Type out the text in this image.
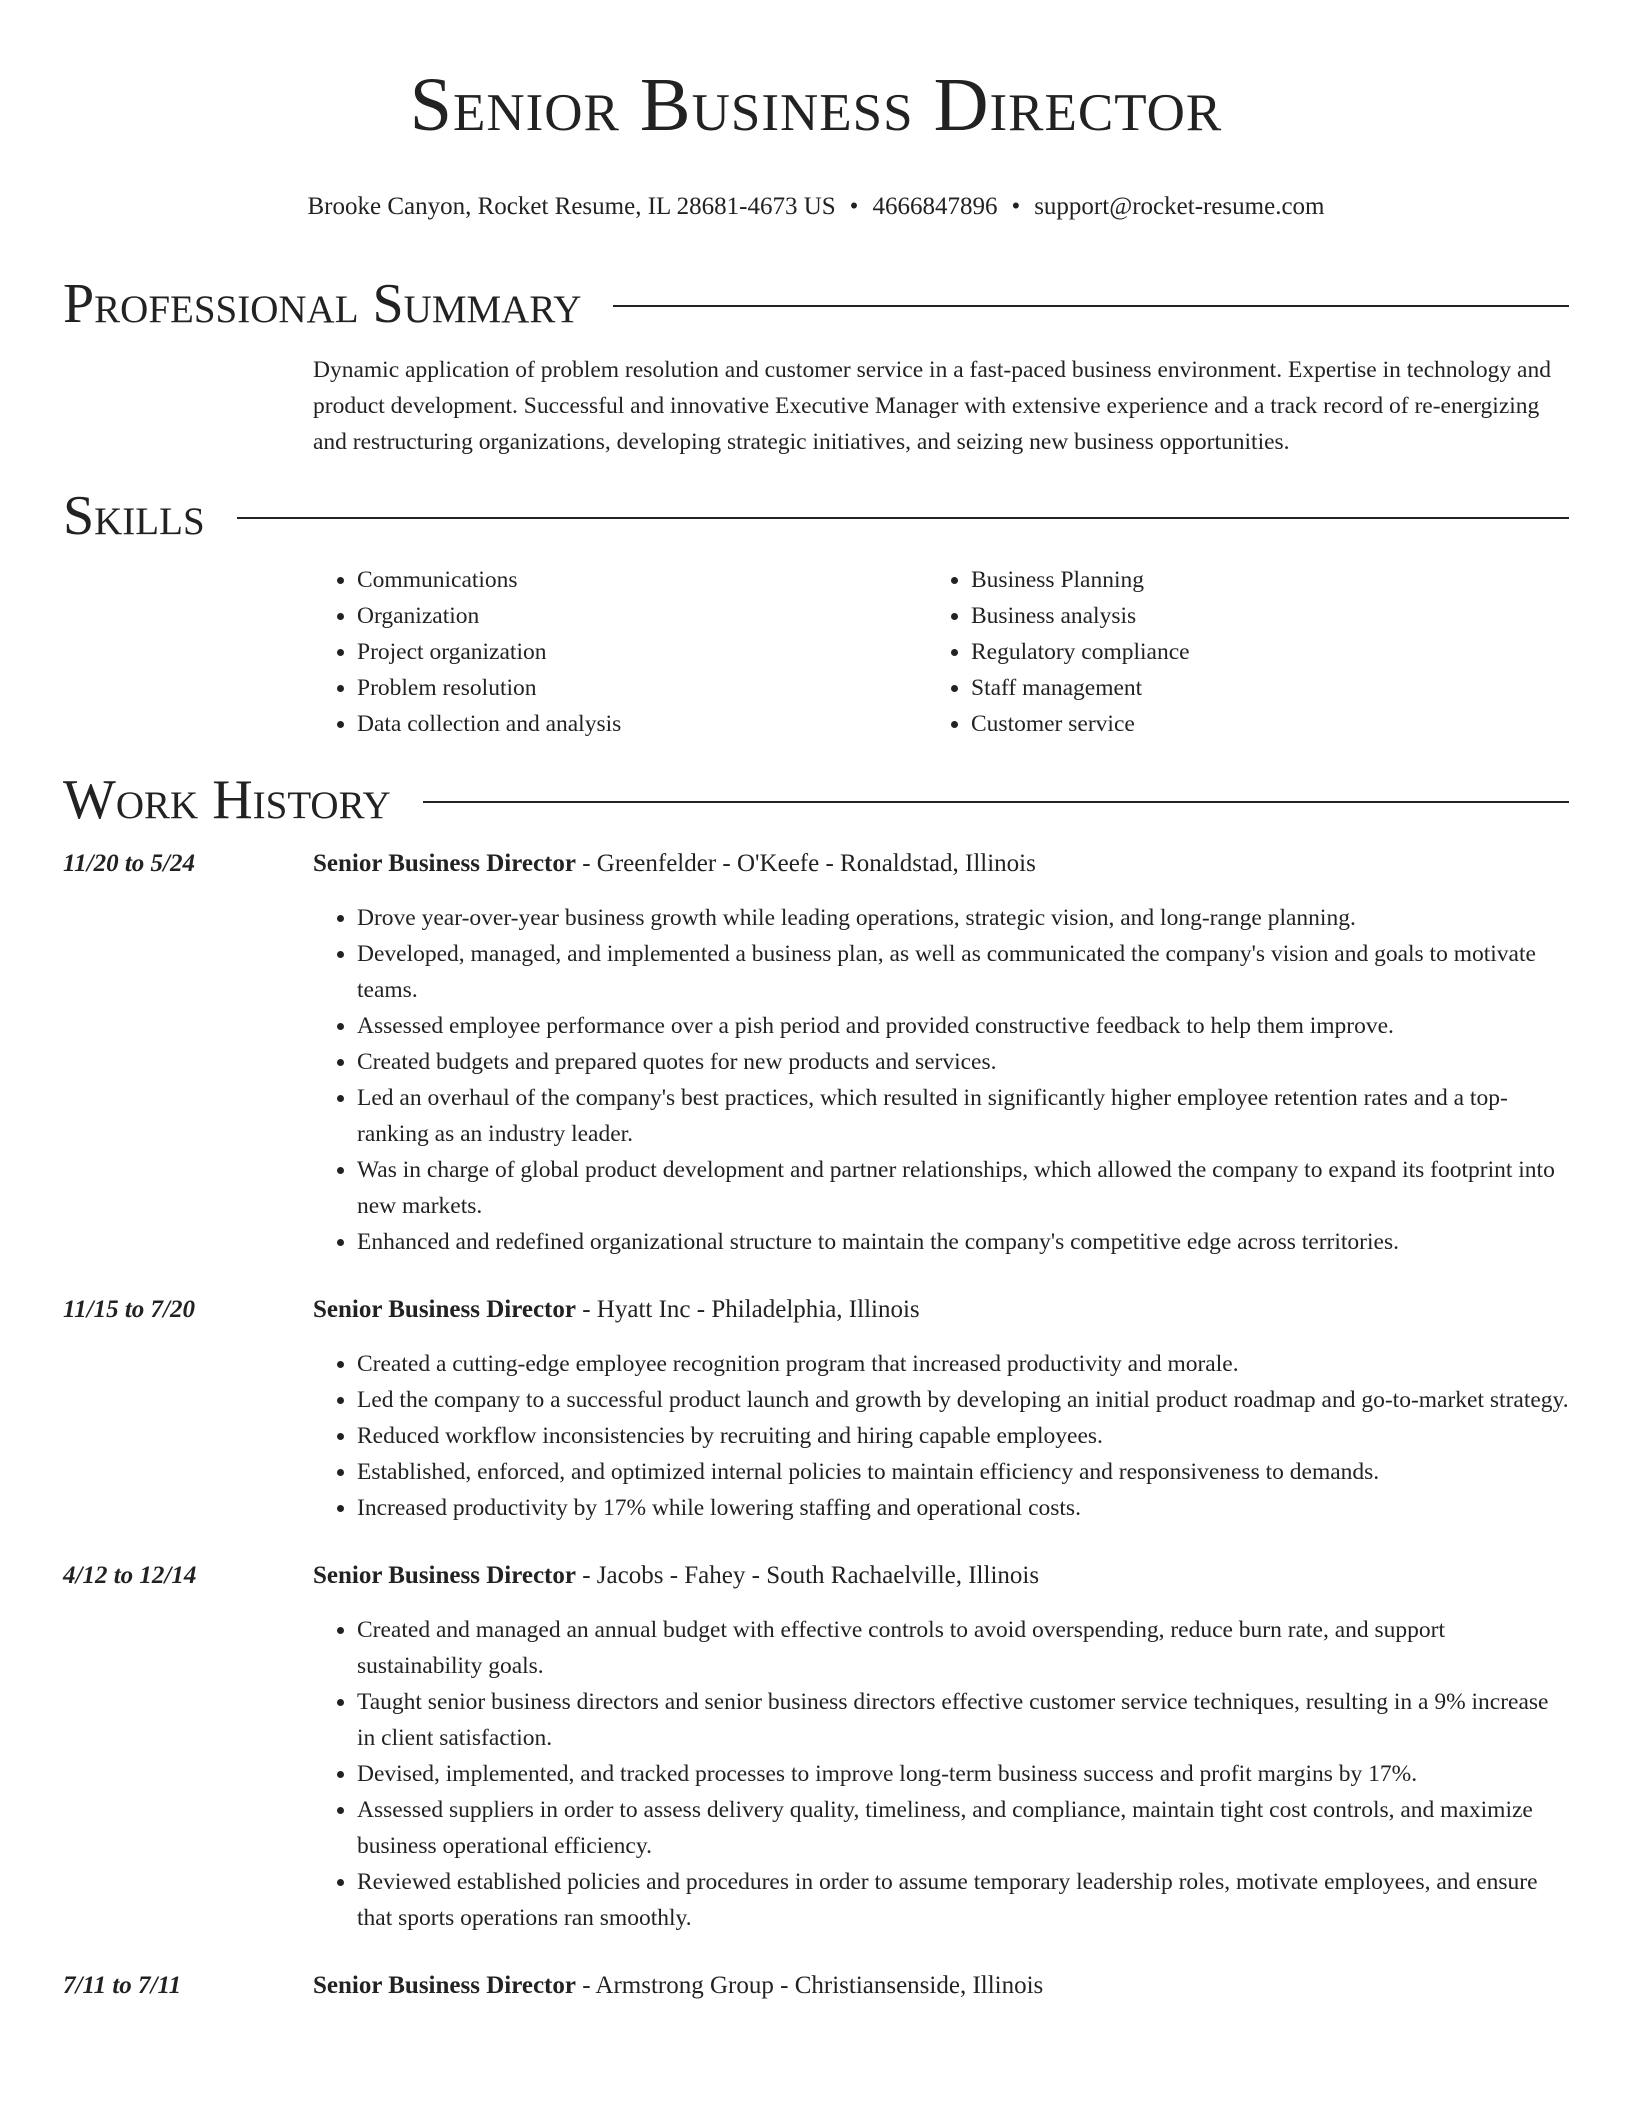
Senior Business Director
Brooke Canyon, Rocket Resume, IL 28681-4673 US • 4666847896 • support@rocket-resume.com
Professional Summary
Dynamic application of problem resolution and customer service in a fast-paced business environment. Expertise in technology and product development. Successful and innovative Executive Manager with extensive experience and a track record of re-energizing and restructuring organizations, developing strategic initiatives, and seizing new business opportunities.
Skills
• Communications
• Organization
• Project organization
• Problem resolution
• Data collection and analysis
• Business Planning
• Business analysis
• Regulatory compliance
• Staff management
• Customer service
Work History
11/20 to 5/24	Senior Business Director - Greenfelder - O'Keefe - Ronaldstad, Illinois
• Drove year-over-year business growth while leading operations, strategic vision, and long-range planning.
• Developed, managed, and implemented a business plan, as well as communicated the company's vision and goals to motivate teams.
• Assessed employee performance over a pish period and provided constructive feedback to help them improve.
• Created budgets and prepared quotes for new products and services.
• Led an overhaul of the company's best practices, which resulted in significantly higher employee retention rates and a top-ranking as an industry leader.
• Was in charge of global product development and partner relationships, which allowed the company to expand its footprint into new markets.
• Enhanced and redefined organizational structure to maintain the company's competitive edge across territories.
11/15 to 7/20	Senior Business Director - Hyatt Inc - Philadelphia, Illinois
• Created a cutting-edge employee recognition program that increased productivity and morale.
• Led the company to a successful product launch and growth by developing an initial product roadmap and go-to-market strategy.
• Reduced workflow inconsistencies by recruiting and hiring capable employees.
• Established, enforced, and optimized internal policies to maintain efficiency and responsiveness to demands.
• Increased productivity by 17% while lowering staffing and operational costs.
4/12 to 12/14	Senior Business Director - Jacobs - Fahey - South Rachaelville, Illinois
• Created and managed an annual budget with effective controls to avoid overspending, reduce burn rate, and support sustainability goals.
• Taught senior business directors and senior business directors effective customer service techniques, resulting in a 9% increase in client satisfaction.
• Devised, implemented, and tracked processes to improve long-term business success and profit margins by 17%.
• Assessed suppliers in order to assess delivery quality, timeliness, and compliance, maintain tight cost controls, and maximize business operational efficiency.
• Reviewed established policies and procedures in order to assume temporary leadership roles, motivate employees, and ensure that sports operations ran smoothly.
7/11 to 7/11	Senior Business Director - Armstrong Group - Christiansenside, Illinois
